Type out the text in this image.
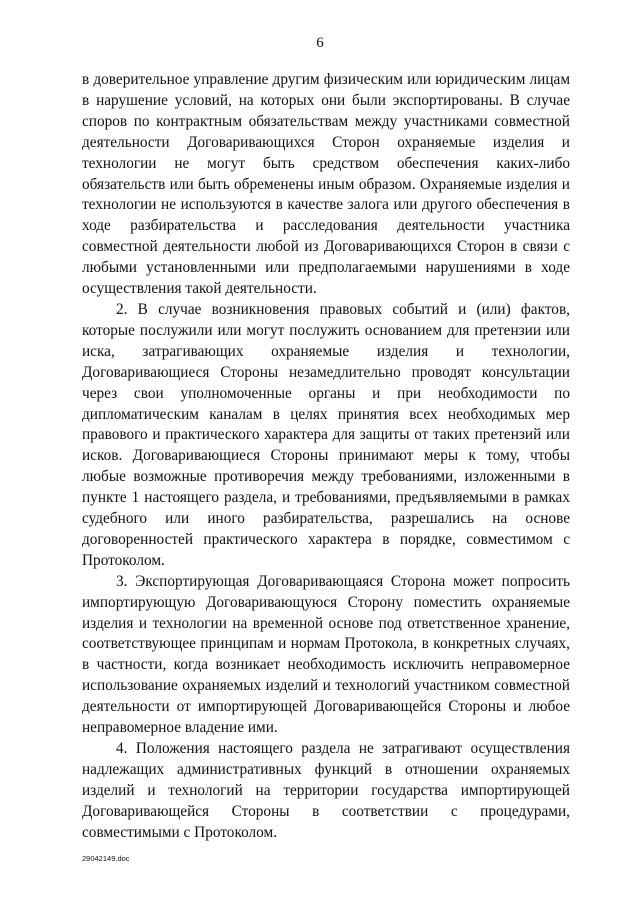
6

в доверительное управление другим физическим или юридическим лицам в нарушение условий, на которых они были экспортированы. В случае споров по контрактным обязательствам между участниками совместной деятельности Договаривающихся Сторон охраняемые изделия и технологии не могут быть средством обеспечения каких-либо обязательств или быть обременены иным образом. Охраняемые изделия и технологии не используются в качестве залога или другого обеспечения в ходе разбирательства и расследования деятельности участника совместной деятельности любой из Договаривающихся Сторон в связи с любыми установленными или предполагаемыми нарушениями в ходе осуществления такой деятельности.

2. В случае возникновения правовых событий и (или) фактов, которые послужили или могут послужить основанием для претензии или иска, затрагивающих охраняемые изделия и технологии, Договаривающиеся Стороны незамедлительно проводят консультации через свои уполномоченные органы и при необходимости по дипломатическим каналам в целях принятия всех необходимых мер правового и практического характера для защиты от таких претензий или исков. Договаривающиеся Стороны принимают меры к тому, чтобы любые возможные противоречия между требованиями, изложенными в пункте 1 настоящего раздела, и требованиями, предъявляемыми в рамках судебного или иного разбирательства, разрешались на основе договоренностей практического характера в порядке, совместимом с Протоколом.

3. Экспортирующая Договаривающаяся Сторона может попросить импортирующую Договаривающуюся Сторону поместить охраняемые изделия и технологии на временной основе под ответственное хранение, соответствующее принципам и нормам Протокола, в конкретных случаях, в частности, когда возникает необходимость исключить неправомерное использование охраняемых изделий и технологий участником совместной деятельности от импортирующей Договаривающейся Стороны и любое неправомерное владение ими.

4. Положения настоящего раздела не затрагивают осуществления надлежащих административных функций в отношении охраняемых изделий и технологий на территории государства импортирующей Договаривающейся Стороны в соответствии с процедурами, совместимыми с Протоколом.

29042149.doc
